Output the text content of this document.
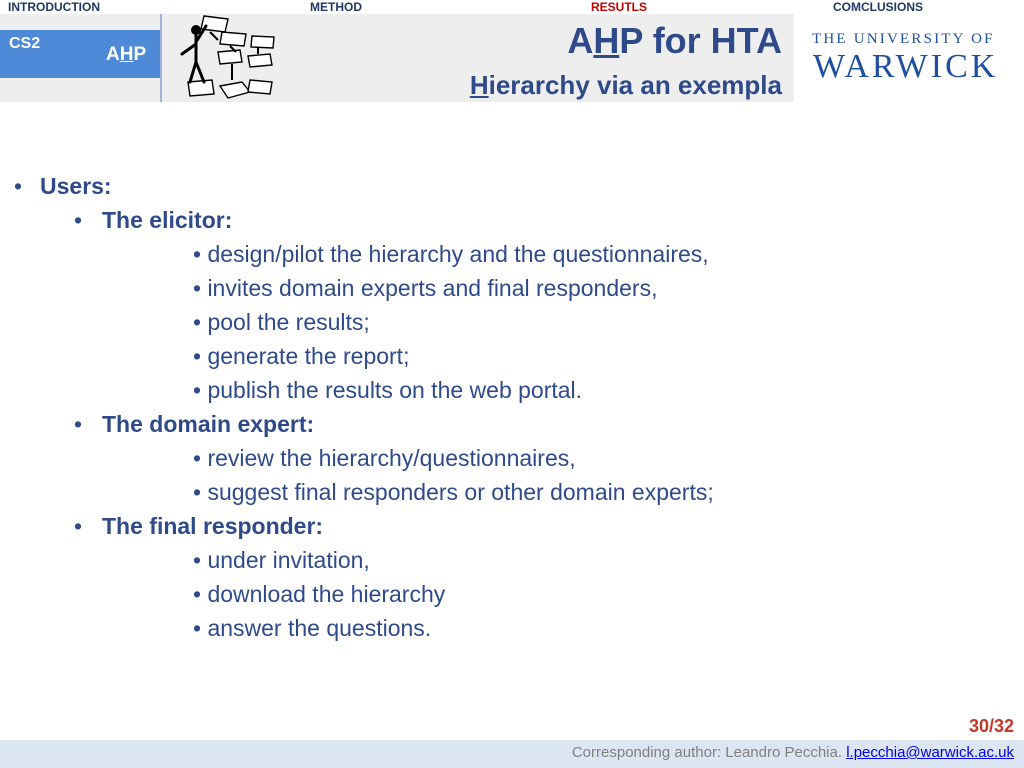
INTRODUCTION	METHOD	RESUTLS	COMCLUSIONS
CS2
AHP	AHP for HTA
Hierarchy via an exempla
THE UNIVERSITY OF
WARWICK
• Users:
• The elicitor:
• design/pilot the hierarchy and the questionnaires,
• invites domain experts and final responders,
• pool the results;
• generate the report;
• publish the results on the web portal.
• The domain expert:
• review the hierarchy/questionnaires,
• suggest final responders or other domain experts;
• The final responder:
• under invitation,
• download the hierarchy
• answer the questions.
30/32
Corresponding author: Leandro Pecchia. l.pecchia@warwick.ac.uk
